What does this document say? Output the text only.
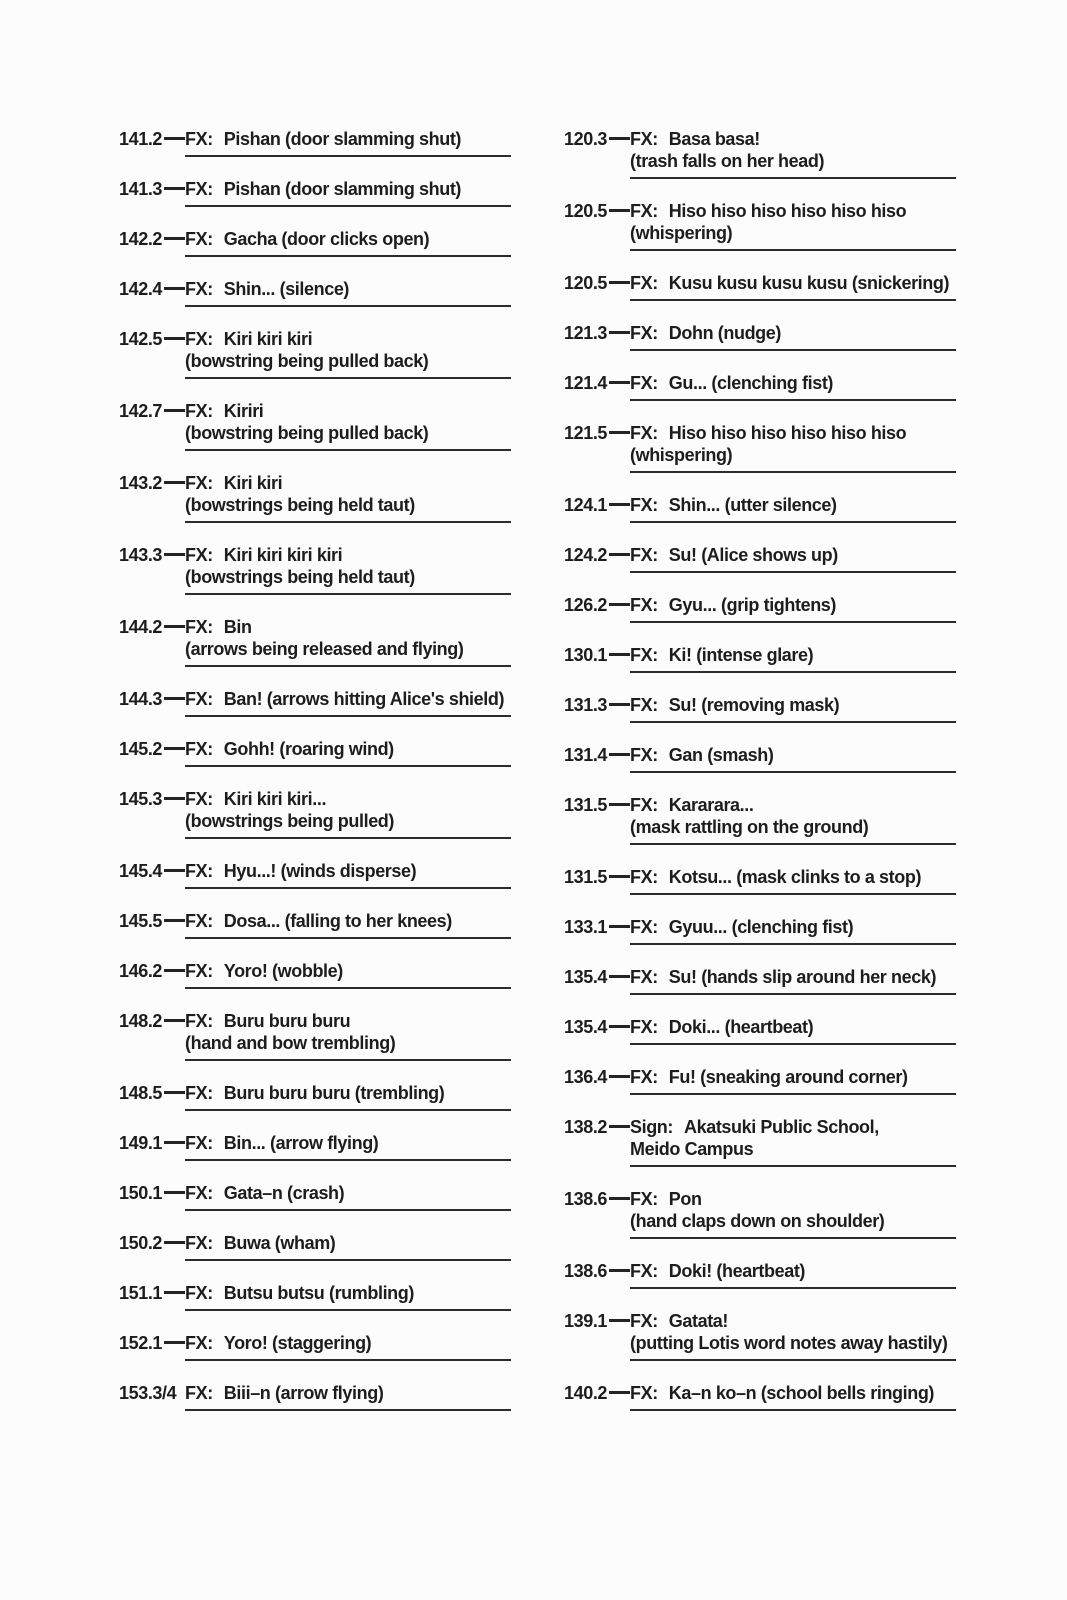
141.2 FX: Pishan (door slamming shut)
141.3 FX: Pishan (door slamming shut)
142.2 FX: Gacha (door clicks open)
142.4 FX: Shin... (silence)
142.5 FX: Kiri kiri kiri
(bowstring being pulled back)
142.7 FX: Kiriri
(bowstring being pulled back)
143.2 FX: Kiri kiri
(bowstrings being held taut)
143.3 FX: Kiri kiri kiri kiri
(bowstrings being held taut)
144.2 FX: Bin
(arrows being released and flying)
144.3 FX: Ban! (arrows hitting Alice's shield)
145.2 FX: Gohh! (roaring wind)
145.3 FX: Kiri kiri kiri...
(bowstrings being pulled)
145.4 FX: Hyu...! (winds disperse)
145.5 FX: Dosa... (falling to her knees)
146.2 FX: Yoro! (wobble)
148.2 FX: Buru buru buru
(hand and bow trembling)
148.5 FX: Buru buru buru (trembling)
149.1 FX: Bin... (arrow flying)
150.1 FX: Gata–n (crash)
150.2 FX: Buwa (wham)
151.1 FX: Butsu butsu (rumbling)
152.1 FX: Yoro! (staggering)
153.3/4 FX: Biii–n (arrow flying)
120.3 FX: Basa basa!
(trash falls on her head)
120.5 FX: Hiso hiso hiso hiso hiso hiso
(whispering)
120.5 FX: Kusu kusu kusu kusu (snickering)
121.3 FX: Dohn (nudge)
121.4 FX: Gu... (clenching fist)
121.5 FX: Hiso hiso hiso hiso hiso hiso
(whispering)
124.1 FX: Shin... (utter silence)
124.2 FX: Su! (Alice shows up)
126.2 FX: Gyu... (grip tightens)
130.1 FX: Ki! (intense glare)
131.3 FX: Su! (removing mask)
131.4 FX: Gan (smash)
131.5 FX: Kararara...
(mask rattling on the ground)
131.5 FX: Kotsu... (mask clinks to a stop)
133.1 FX: Gyuu... (clenching fist)
135.4 FX: Su! (hands slip around her neck)
135.4 FX: Doki... (heartbeat)
136.4 FX: Fu! (sneaking around corner)
138.2 Sign: Akatsuki Public School,
Meido Campus
138.6 FX: Pon
(hand claps down on shoulder)
138.6 FX: Doki! (heartbeat)
139.1 FX: Gatata!
(putting Lotis word notes away hastily)
140.2 FX: Ka–n ko–n (school bells ringing)
